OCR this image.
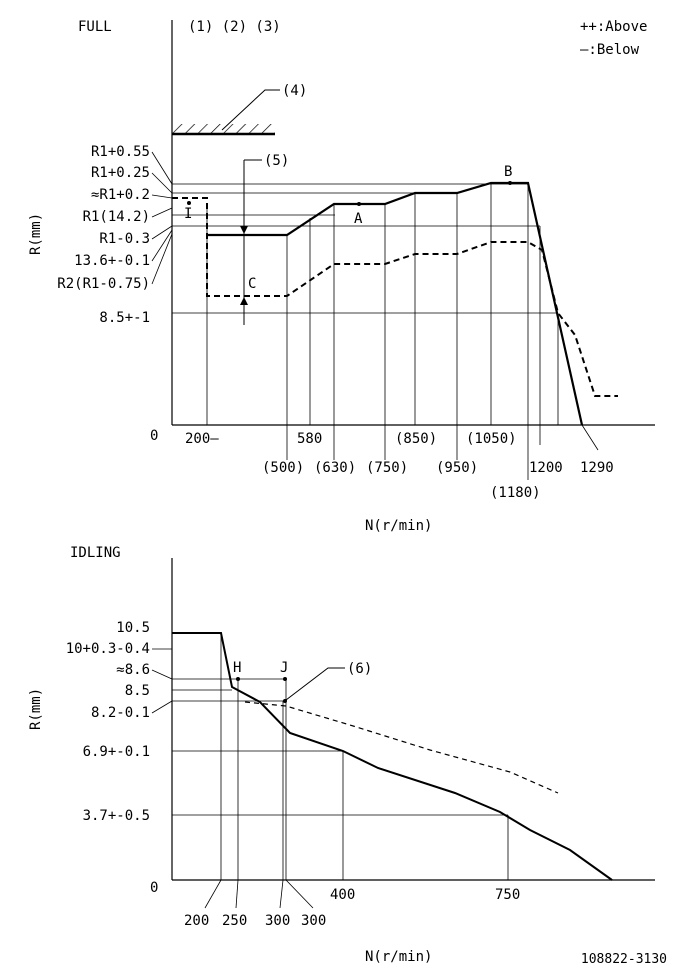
FULL	(1) (2) (3)	++:Above
—:Below
0
(4)
(5)
I	A
B
C
R1+0.55
R1+0.25
≈R1+0.2
R1(14.2)
R1-0.3
13.6+-0.1
R2(R1-0.75)
8.5+-1
R(mm)
200—	580	(850) (1050)
(500) (630) (750) (950)	1200 1290
(1180)
N(r/min)
IDLING
0
H	J	(6)
10.5
10+0.3-0.4
≈8.6
8.5
8.2-0.1
6.9+-0.1
3.7+-0.5
R(mm)
200 250 300 300
400	750
N(r/min)	108822-3130
